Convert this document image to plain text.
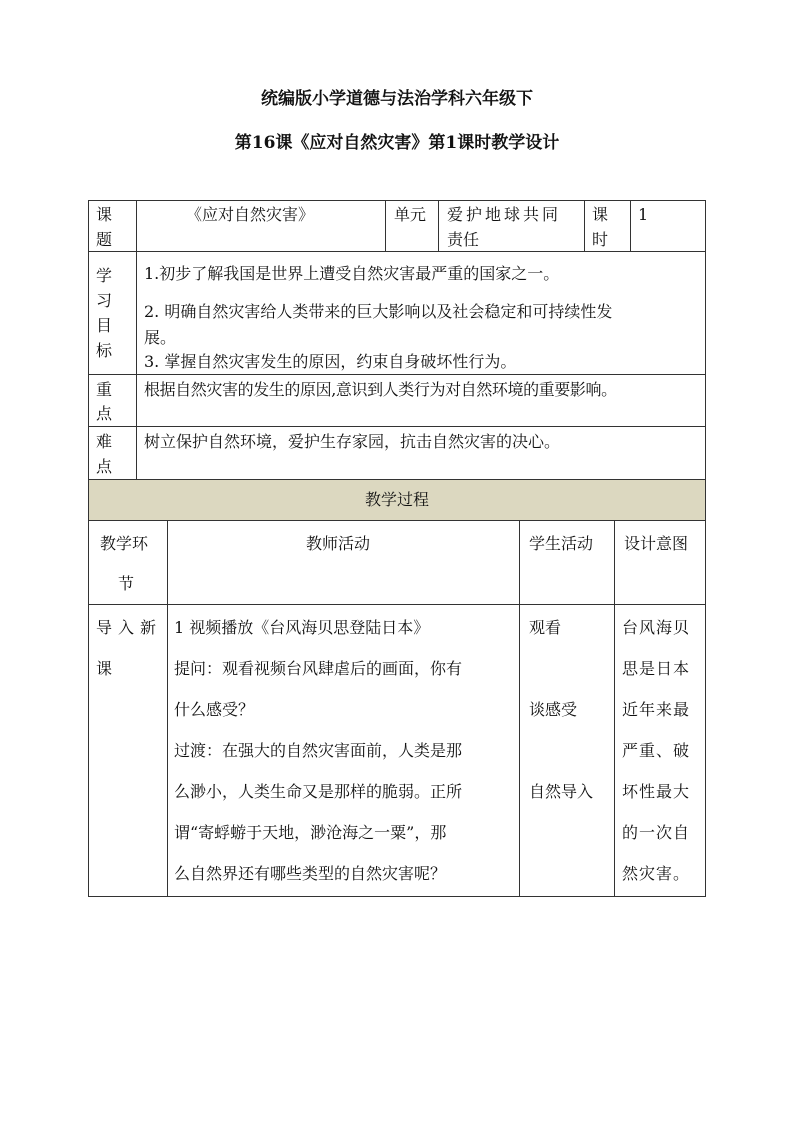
统编版小学道德与法治学科六年级下
第16课《应对自然灾害》第1课时教学设计
课
题
《应对自然灾害》	单元 爱护地球共同
责任
课
时
1
学
习
目
标
1.初步了解我国是世界上遭受自然灾害最严重的国家之一。
2. 明确自然灾害给人类带来的巨大影响以及社会稳定和可持续性发
展。
3. 掌握自然灾害发生的原因，约束自身破坏性行为。
重
点
根据自然灾害的发生的原因,意识到人类行为对自然环境的重要影响。
难
点
树立保护自然环境，爱护生存家园，抗击自然灾害的决心。
教学过程
教学环
节
教师活动	学生活动 设计意图
导入新
课
1 视频播放《台风海贝思登陆日本》
提问：观看视频台风肆虐后的画面，你有
什么感受？
过渡：在强大的自然灾害面前，人类是那
么渺小，人类生命又是那样的脆弱。正所
谓“寄蜉蝣于天地，渺沧海之一粟”，那
么自然界还有哪些类型的自然灾害呢？
观看
谈感受
自然导入
台风海贝
思是日本
近年来最
严重、破
坏性最大
的一次自
然灾害。
